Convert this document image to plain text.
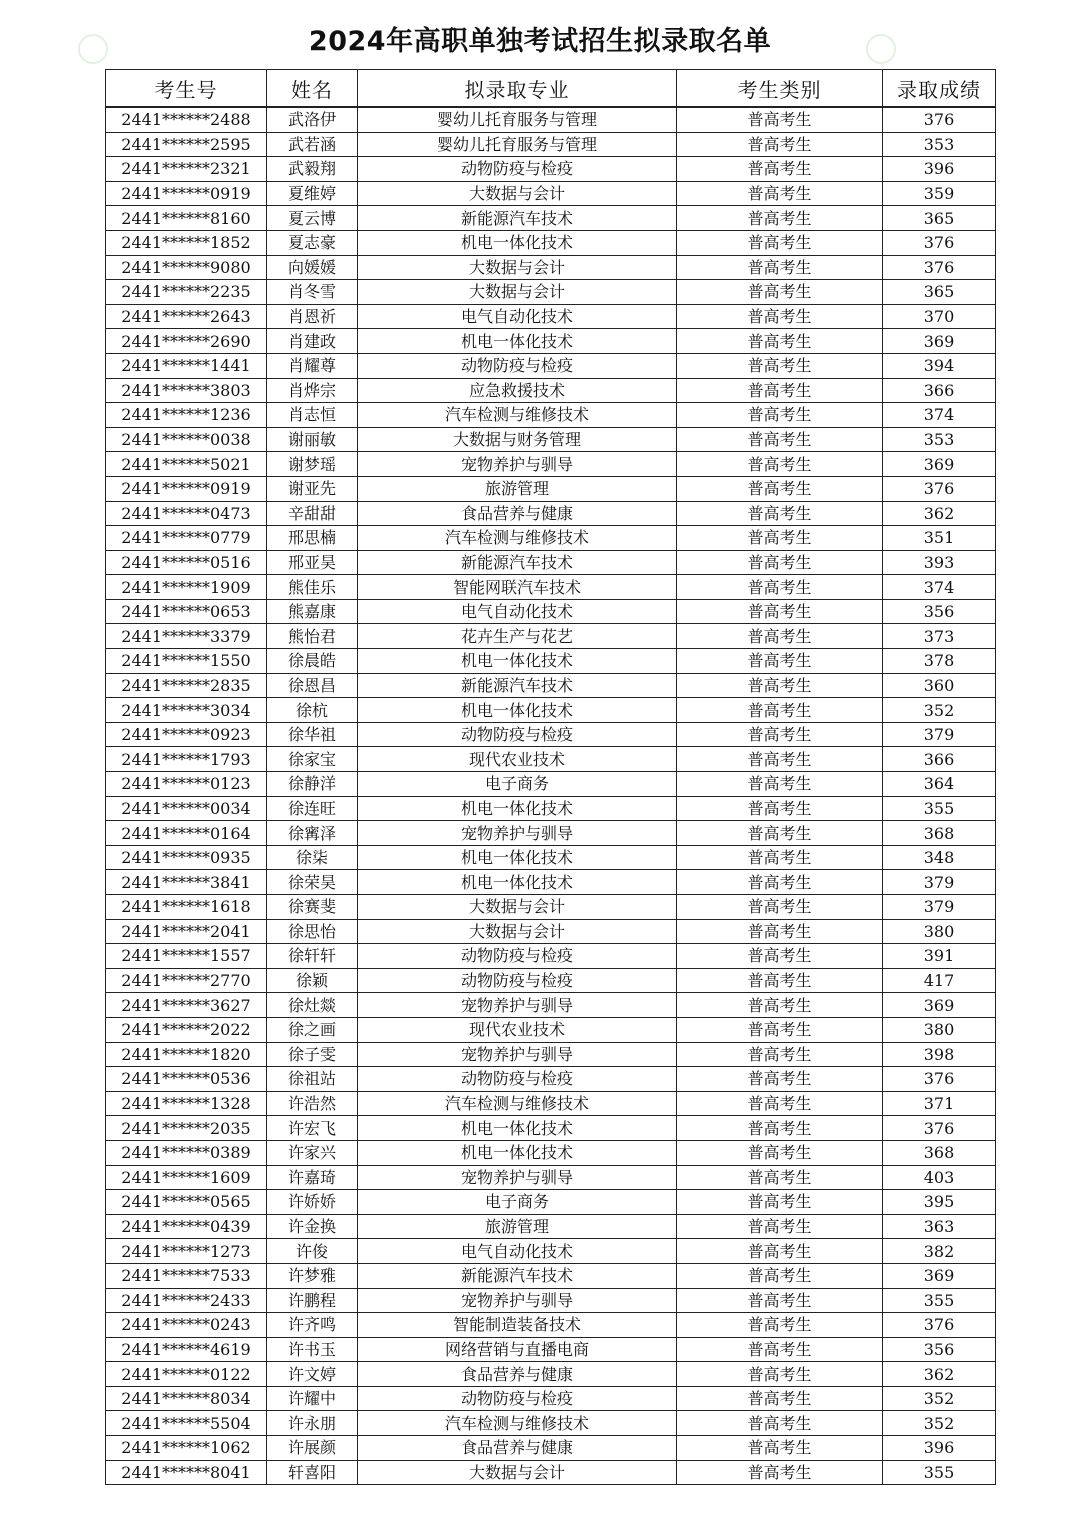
2024年高职单独考试招生拟录取名单
考生号	姓名	拟录取专业	考生类别	录取成绩
2441******2488	武洛伊	婴幼儿托育服务与管理	普高考生	376
2441******2595	武若涵	婴幼儿托育服务与管理	普高考生	353
2441******2321	武毅翔	动物防疫与检疫	普高考生	396
2441******0919	夏维婷	大数据与会计	普高考生	359
2441******8160	夏云博	新能源汽车技术	普高考生	365
2441******1852	夏志豪	机电一体化技术	普高考生	376
2441******9080	向媛媛	大数据与会计	普高考生	376
2441******2235	肖冬雪	大数据与会计	普高考生	365
2441******2643	肖恩祈	电气自动化技术	普高考生	370
2441******2690	肖建政	机电一体化技术	普高考生	369
2441******1441	肖耀尊	动物防疫与检疫	普高考生	394
2441******3803	肖烨宗	应急救援技术	普高考生	366
2441******1236	肖志恒	汽车检测与维修技术	普高考生	374
2441******0038	谢丽敏	大数据与财务管理	普高考生	353
2441******5021	谢梦瑶	宠物养护与驯导	普高考生	369
2441******0919	谢亚先	旅游管理	普高考生	376
2441******0473	辛甜甜	食品营养与健康	普高考生	362
2441******0779	邢思楠	汽车检测与维修技术	普高考生	351
2441******0516	邢亚昊	新能源汽车技术	普高考生	393
2441******1909	熊佳乐	智能网联汽车技术	普高考生	374
2441******0653	熊嘉康	电气自动化技术	普高考生	356
2441******3379	熊怡君	花卉生产与花艺	普高考生	373
2441******1550	徐晨皓	机电一体化技术	普高考生	378
2441******2835	徐恩昌	新能源汽车技术	普高考生	360
2441******3034	徐杭	机电一体化技术	普高考生	352
2441******0923	徐华祖	动物防疫与检疫	普高考生	379
2441******1793	徐家宝	现代农业技术	普高考生	366
2441******0123	徐静洋	电子商务	普高考生	364
2441******0034	徐连旺	机电一体化技术	普高考生	355
2441******0164	徐寗泽	宠物养护与驯导	普高考生	368
2441******0935	徐柒	机电一体化技术	普高考生	348
2441******3841	徐荣昊	机电一体化技术	普高考生	379
2441******1618	徐赛斐	大数据与会计	普高考生	379
2441******2041	徐思怡	大数据与会计	普高考生	380
2441******1557	徐轩轩	动物防疫与检疫	普高考生	391
2441******2770	徐颖	动物防疫与检疫	普高考生	417
2441******3627	徐灶燚	宠物养护与驯导	普高考生	369
2441******2022	徐之画	现代农业技术	普高考生	380
2441******1820	徐子雯	宠物养护与驯导	普高考生	398
2441******0536	徐祖站	动物防疫与检疫	普高考生	376
2441******1328	许浩然	汽车检测与维修技术	普高考生	371
2441******2035	许宏飞	机电一体化技术	普高考生	376
2441******0389	许家兴	机电一体化技术	普高考生	368
2441******1609	许嘉琦	宠物养护与驯导	普高考生	403
2441******0565	许娇娇	电子商务	普高考生	395
2441******0439	许金换	旅游管理	普高考生	363
2441******1273	许俊	电气自动化技术	普高考生	382
2441******7533	许梦雅	新能源汽车技术	普高考生	369
2441******2433	许鹏程	宠物养护与驯导	普高考生	355
2441******0243	许齐鸣	智能制造装备技术	普高考生	376
2441******4619	许书玉	网络营销与直播电商	普高考生	356
2441******0122	许文婷	食品营养与健康	普高考生	362
2441******8034	许耀中	动物防疫与检疫	普高考生	352
2441******5504	许永朋	汽车检测与维修技术	普高考生	352
2441******1062	许展颜	食品营养与健康	普高考生	396
2441******8041	轩喜阳	大数据与会计	普高考生	355
